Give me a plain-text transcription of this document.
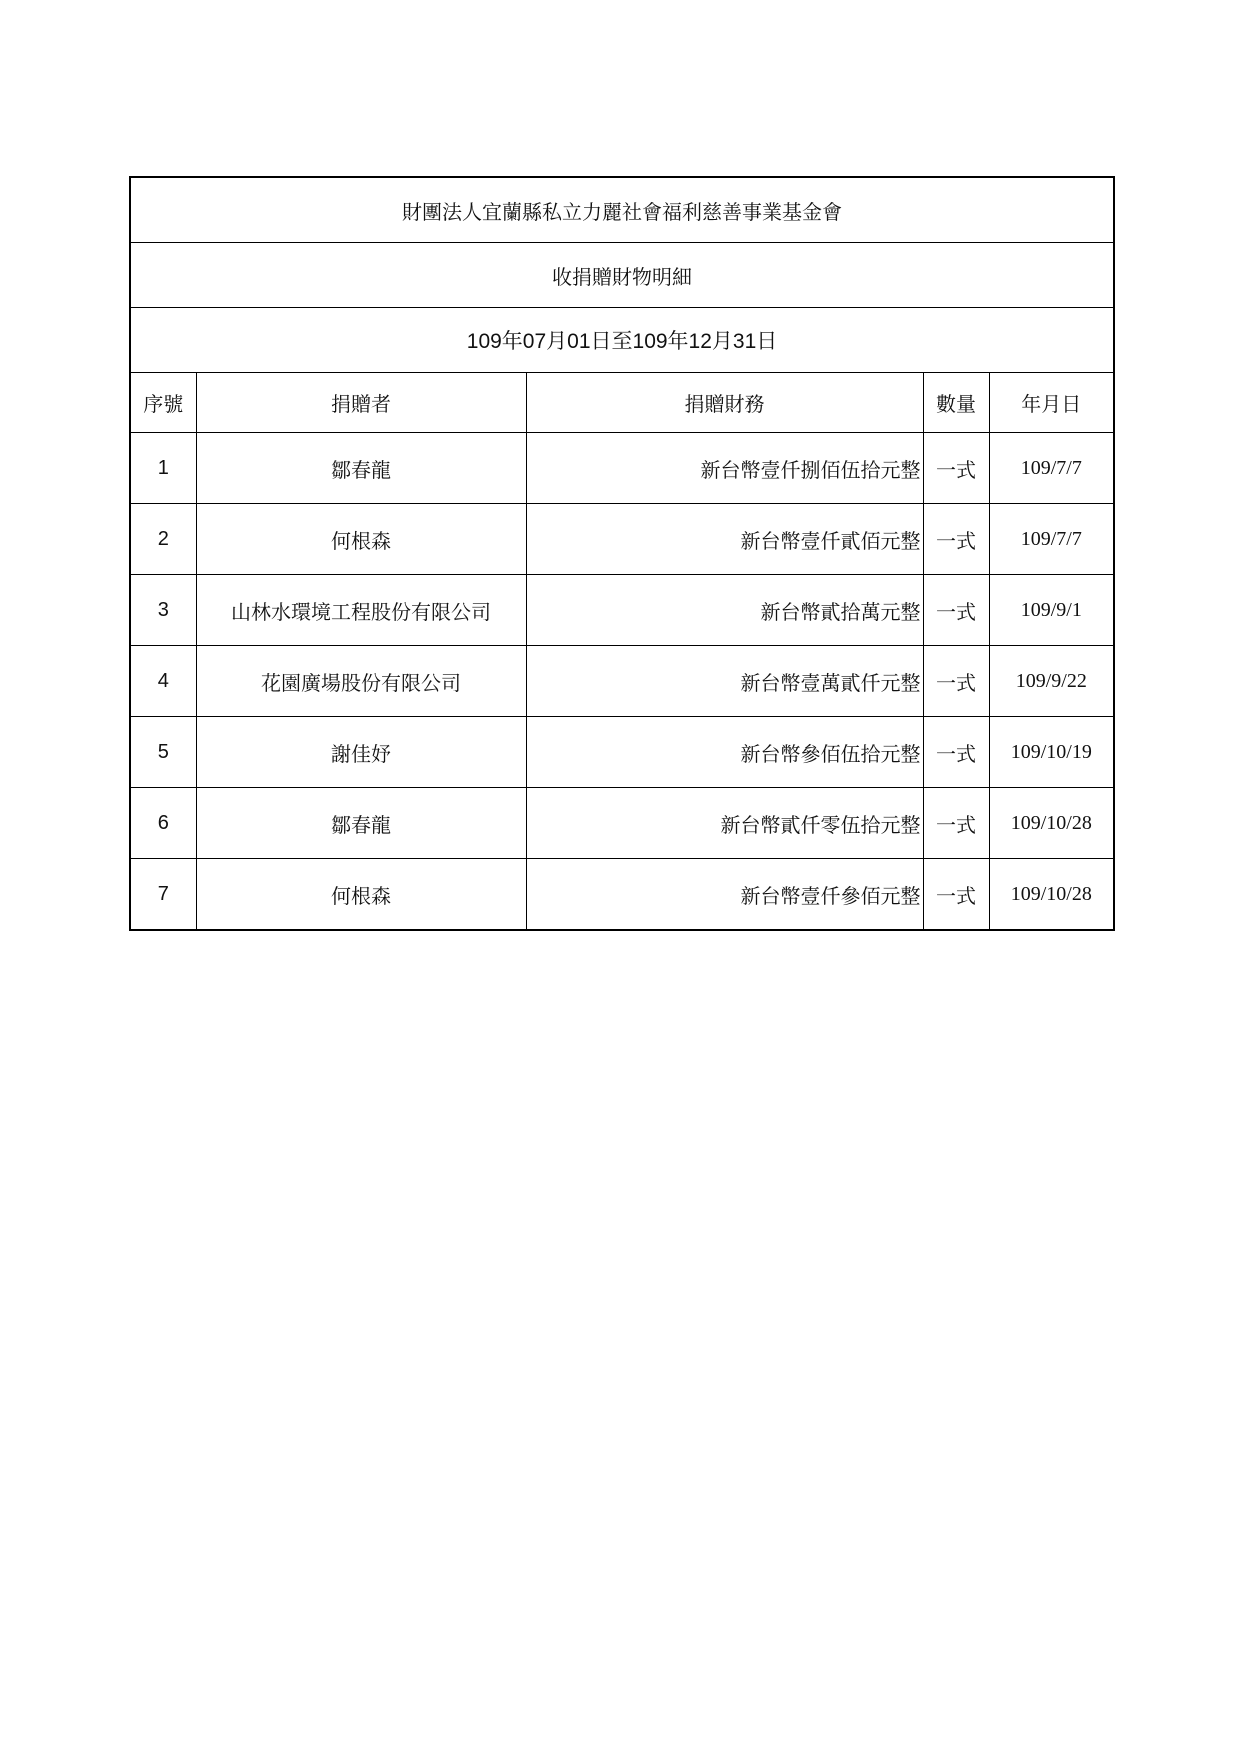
財團法人宜蘭縣私立力麗社會福利慈善事業基金會				
收捐贈財物明細				
109年07月01日至109年12月31日				
序號	捐贈者	捐贈財務	數量	年月日
1	鄒春龍	新台幣壹仟捌佰伍拾元整	一式	109/7/7
2	何根森	新台幣壹仟貳佰元整	一式	109/7/7
3	山林水環境工程股份有限公司	新台幣貳拾萬元整	一式	109/9/1
4	花園廣場股份有限公司	新台幣壹萬貳仟元整	一式	109/9/22
5	謝佳妤	新台幣參佰伍拾元整	一式	109/10/19
6	鄒春龍	新台幣貳仟零伍拾元整	一式	109/10/28
7	何根森	新台幣壹仟參佰元整	一式	109/10/28
